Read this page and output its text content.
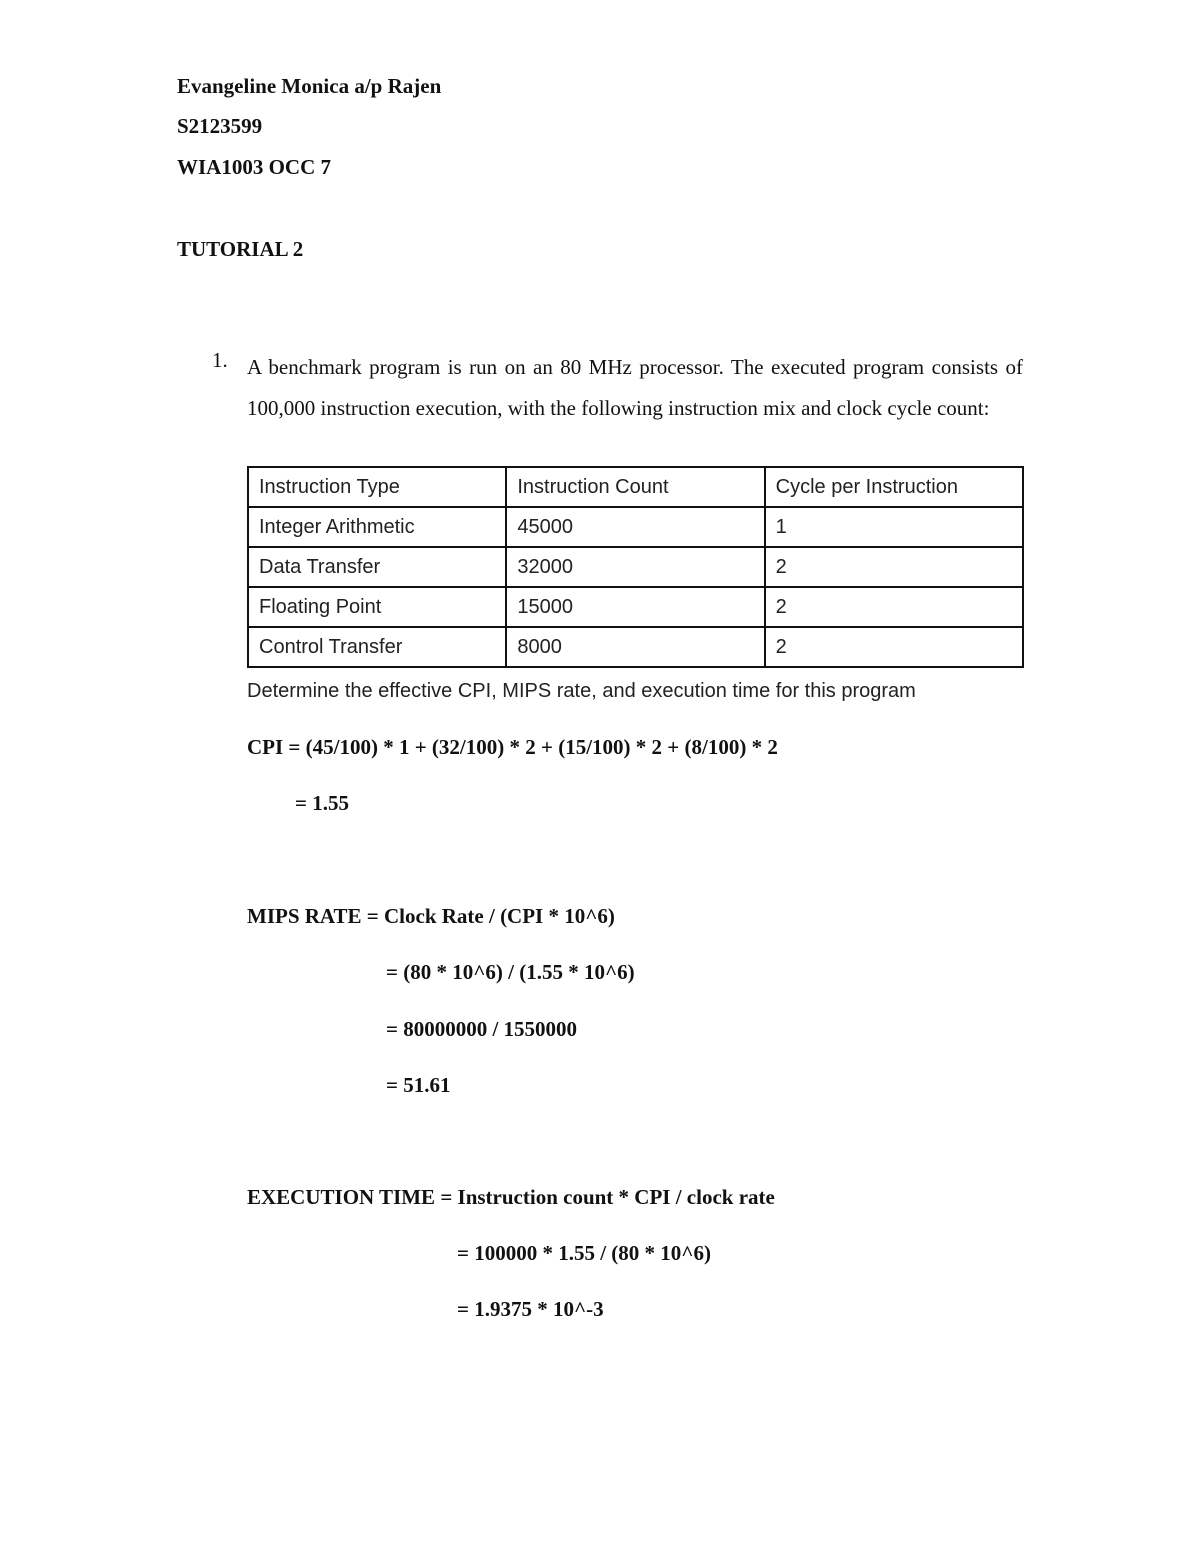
Evangeline Monica a/p Rajen
S2123599
WIA1003 OCC 7
TUTORIAL 2
1. A benchmark program is run on an 80 MHz processor. The executed program consists of 100,000 instruction execution, with the following instruction mix and clock cycle count:

Instruction Type	Instruction Count	Cycle per Instruction
Integer Arithmetic	45000	1
Data Transfer	32000	2
Floating Point	15000	2
Control Transfer	8000	2
Determine the effective CPI, MIPS rate, and execution time for this program
CPI = (45/100) * 1 + (32/100) * 2 + (15/100) * 2 + (8/100) * 2
= 1.55
MIPS RATE = Clock Rate / (CPI * 10^6)
= (80 * 10^6) / (1.55 * 10^6)
= 80000000 / 1550000
= 51.61
EXECUTION TIME = Instruction count * CPI / clock rate
= 100000 * 1.55 / (80 * 10^6)
= 1.9375 * 10^-3
